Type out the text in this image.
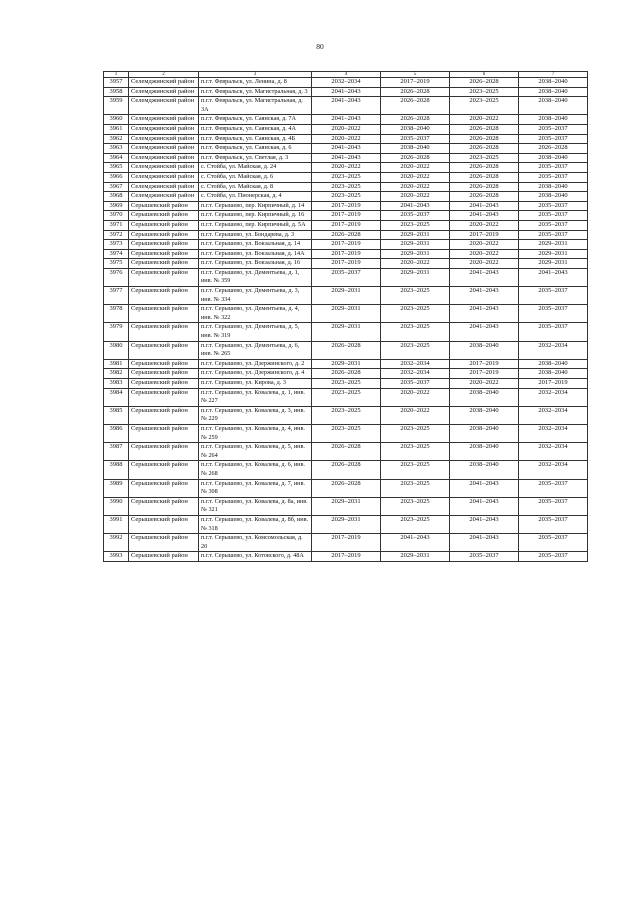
80
1	2	3	4	5	6	7
3957	Селемджинский район	п.г.т. Февральск, ул. Ленина, д. 8	2032–2034	2017–2019	2026–2028	2038–2040
3958	Селемджинский район	п.г.т. Февральск, ул. Магистральная, д. 3	2041–2043	2026–2028	2023–2025	2038–2040
3959	Селемджинский район	п.г.т. Февральск, ул. Магистральная, д. 3А	2041–2043	2026–2028	2023–2025	2038–2040
3960	Селемджинский район	п.г.т. Февральск, ул. Саянская, д. 7А	2041–2043	2026–2028	2020–2022	2038–2040
3961	Селемджинский район	п.г.т. Февральск, ул. Саянская, д. 4А	2020–2022	2038–2040	2026–2028	2035–2037
3962	Селемджинский район	п.г.т. Февральск, ул. Саянская, д. 4Б	2020–2022	2035–2037	2026–2028	2035–2037
3963	Селемджинский район	п.г.т. Февральск, ул. Саянская, д. 6	2041–2043	2038–2040	2026–2028	2026–2028
3964	Селемджинский район	п.г.т. Февральск, ул. Светлая, д. 3	2041–2043	2026–2028	2023–2025	2038–2040
3965	Селемджинский район	с. Стойба, ул. Майская, д. 24	2020–2022	2020–2022	2026–2028	2035–2037
3966	Селемджинский район	с. Стойба, ул. Майская, д. 6	2023–2025	2020–2022	2026–2028	2035–2037
3967	Селемджинский район	с. Стойба, ул. Майская, д. 8	2023–2025	2020–2022	2026–2028	2038–2040
3968	Селемджинский район	с. Стойба, ул. Пионерская, д. 4	2023–2025	2020–2022	2026–2028	2038–2040
3969	Серышевский район	п.г.т. Серышево, пер. Кирпичный, д. 14	2017–2019	2041–2043	2041–2043	2035–2037
3970	Серышевский район	п.г.т. Серышево, пер. Кирпичный, д. 16	2017–2019	2035–2037	2041–2043	2035–2037
3971	Серышевский район	п.г.т. Серышево, пер. Кирпичный, д. 5А	2017–2019	2023–2025	2020–2022	2035–2037
3972	Серышевский район	п.г.т. Серышево, ул. Бондарева, д. 3	2026–2028	2029–2031	2017–2019	2035–2037
3973	Серышевский район	п.г.т. Серышево, ул. Вокзальная, д. 14	2017–2019	2029–2031	2020–2022	2029–2031
3974	Серышевский район	п.г.т. Серышево, ул. Вокзальная, д. 14А	2017–2019	2029–2031	2020–2022	2029–2031
3975	Серышевский район	п.г.т. Серышево, ул. Вокзальная, д. 16	2017–2019	2020–2022	2020–2022	2029–2031
3976	Серышевский район	п.г.т. Серышево, ул. Дементьева, д. 1, инв. № 359	2035–2037	2029–2031	2041–2043	2041–2043
3977	Серышевский район	п.г.т. Серышево, ул. Дементьева, д. 3, инв. № 334	2029–2031	2023–2025	2041–2043	2035–2037
3978	Серышевский район	п.г.т. Серышево, ул. Дементьева, д. 4, инв. № 322	2029–2031	2023–2025	2041–2043	2035–2037
3979	Серышевский район	п.г.т. Серышево, ул. Дементьева, д. 5, инв. № 319	2029–2031	2023–2025	2041–2043	2035–2037
3980	Серышевский район	п.г.т. Серышево, ул. Дементьева, д. 6, инв. № 265	2026–2028	2023–2025	2038–2040	2032–2034
3981	Серышевский район	п.г.т. Серышево, ул. Дзержинского, д. 2	2029–2031	2032–2034	2017–2019	2038–2040
3982	Серышевский район	п.г.т. Серышево, ул. Дзержинского, д. 4	2026–2028	2032–2034	2017–2019	2038–2040
3983	Серышевский район	п.г.т. Серышево, ул. Кирова, д. 3	2023–2025	2035–2037	2020–2022	2017–2019
3984	Серышевский район	п.г.т. Серышево, ул. Ковалева, д. 1, инв. № 227	2023–2025	2020–2022	2038–2040	2032–2034
3985	Серышевский район	п.г.т. Серышево, ул. Ковалева, д. 3, инв. № 229	2023–2025	2020–2022	2038–2040	2032–2034
3986	Серышевский район	п.г.т. Серышево, ул. Ковалева, д. 4, инв. № 259	2023–2025	2023–2025	2038–2040	2032–2034
3987	Серышевский район	п.г.т. Серышево, ул. Ковалева, д. 5, инв. № 264	2026–2028	2023–2025	2038–2040	2032–2034
3988	Серышевский район	п.г.т. Серышево, ул. Ковалева, д. 6, инв. № 268	2026–2028	2023–2025	2038–2040	2032–2034
3989	Серышевский район	п.г.т. Серышево, ул. Ковалева, д. 7, инв. № 308	2026–2028	2023–2025	2041–2043	2035–2037
3990	Серышевский район	п.г.т. Серышево, ул. Ковалева, д. 8а, инв. № 321	2029–2031	2023–2025	2041–2043	2035–2037
3991	Серышевский район	п.г.т. Серышево, ул. Ковалева, д. 8б, инв. № 318	2029–2031	2023–2025	2041–2043	2035–2037
3992	Серышевский район	п.г.т. Серышево, ул. Комсомольская, д. 20	2017–2019	2041–2043	2041–2043	2035–2037
3993	Серышевский район	п.г.т. Серышево, ул. Котовского, д. 48А	2017–2019	2029–2031	2035–2037	2035–2037
